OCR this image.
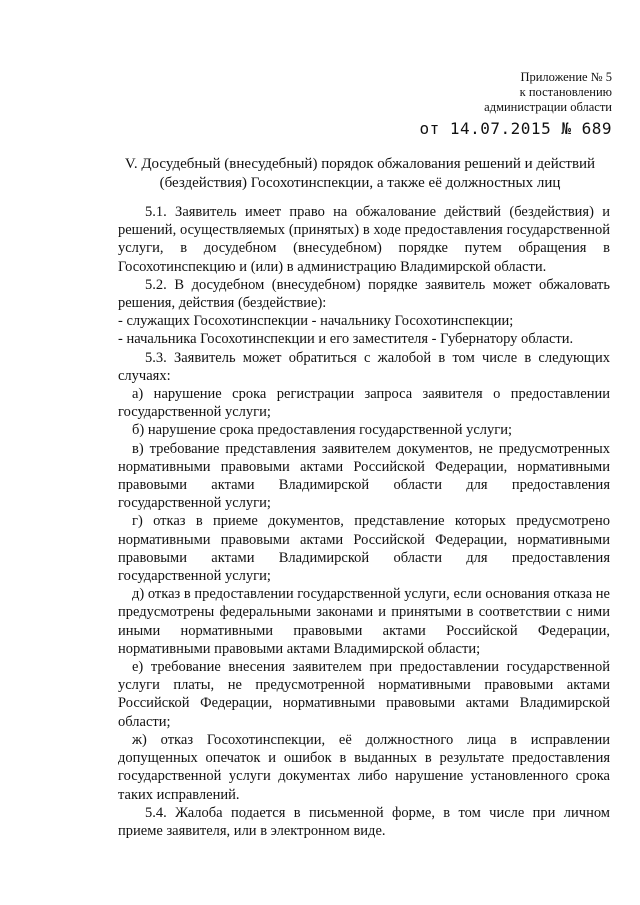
Приложение № 5
к постановлению
администрации области
от 14.07.2015 № 689
V. Досудебный (внесудебный) порядок обжалования решений и действий
(бездействия) Госохотинспекции, а также её должностных лиц

5.1. Заявитель имеет право на обжалование действий (бездействия) и решений, осуществляемых (принятых) в ходе предоставления государственной услуги, в досудебном (внесудебном) порядке путем обращения в Госохотинспекцию и (или) в администрацию Владимирской области.

5.2. В досудебном (внесудебном) порядке заявитель может обжаловать решения, действия (бездействие):

- служащих Госохотинспекции - начальнику Госохотинспекции;

- начальника Госохотинспекции и его заместителя - Губернатору области.

5.3. Заявитель может обратиться с жалобой в том числе в следующих случаях:

а) нарушение срока регистрации запроса заявителя о предоставлении государственной услуги;

б) нарушение срока предоставления государственной услуги;

в) требование представления заявителем документов, не предусмотренных нормативными правовыми актами Российской Федерации, нормативными правовыми актами Владимирской области для предоставления государственной услуги;

г) отказ в приеме документов, представление которых предусмотрено нормативными правовыми актами Российской Федерации, нормативными правовыми актами Владимирской области для предоставления государственной услуги;

д) отказ в предоставлении государственной услуги, если основания отказа не предусмотрены федеральными законами и принятыми в соответствии с ними иными нормативными правовыми актами Российской Федерации, нормативными правовыми актами Владимирской области;

е) требование внесения заявителем при предоставлении государственной услуги платы, не предусмотренной нормативными правовыми актами Российской Федерации, нормативными правовыми актами Владимирской области;

ж) отказ Госохотинспекции, её должностного лица в исправлении допущенных опечаток и ошибок в выданных в результате предоставления государственной услуги документах либо нарушение установленного срока таких исправлений.

5.4. Жалоба подается в письменной форме, в том числе при личном приеме заявителя, или в электронном виде.
